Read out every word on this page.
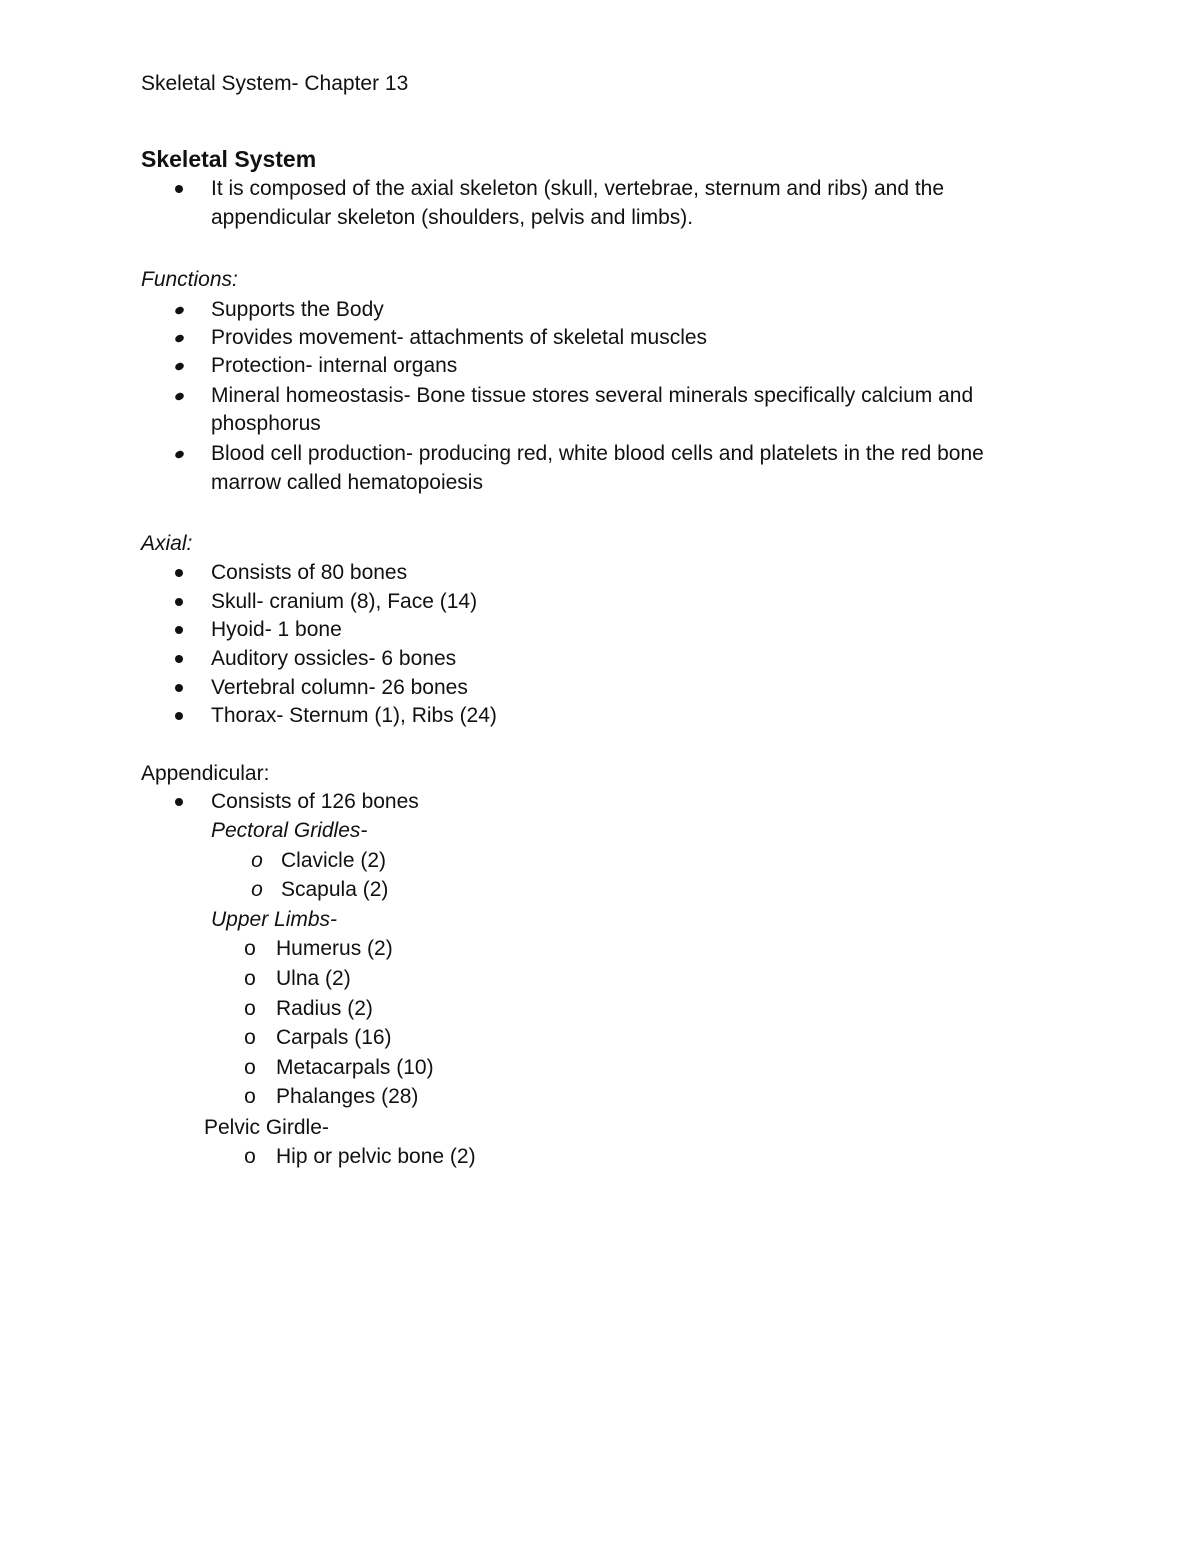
Skeletal System- Chapter 13
Skeletal System
It is composed of the axial skeleton (skull, vertebrae, sternum and ribs) and the
appendicular skeleton (shoulders, pelvis and limbs).
Functions:
Supports the Body
Provides movement- attachments of skeletal muscles
Protection- internal organs
Mineral homeostasis- Bone tissue stores several minerals specifically calcium and
phosphorus
Blood cell production- producing red, white blood cells and platelets in the red bone
marrow called hematopoiesis
Axial:
Consists of 80 bones
Skull- cranium (8), Face (14)
Hyoid- 1 bone
Auditory ossicles- 6 bones
Vertebral column- 26 bones
Thorax- Sternum (1), Ribs (24)
Appendicular:
Consists of 126 bones
Pectoral Gridles-
o Clavicle (2)
o Scapula (2)
Upper Limbs-
o Humerus (2)
o Ulna (2)
o Radius (2)
o Carpals (16)
o Metacarpals (10)
o Phalanges (28)
Pelvic Girdle-
o Hip or pelvic bone (2)
